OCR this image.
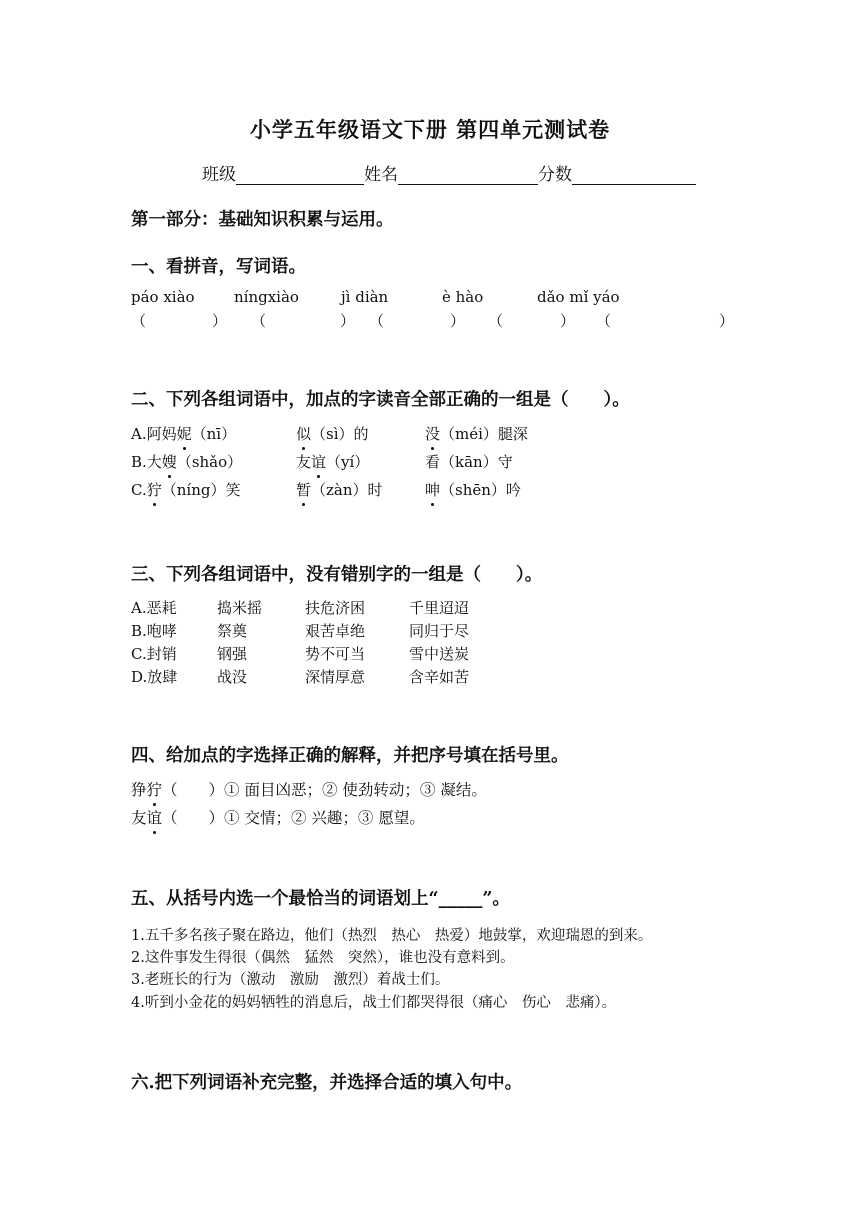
小学五年级语文下册 第四单元测试卷
班级	姓名	分数
第一部分：基础知识积累与运用。
一、看拼音，写词语。
páo xiào	níngxiào	jì diàn	è hào	dǎo mǐ yáo
（	） （	） （	） （	） （	）
二、下列各组词语中，加点的字读音全部正确的一组是（　　）。
A.阿妈妮（nī）	似（sì）的	没（méi）腿深
B.大嫂（shǎo）	友谊（yí）	看（kān）守
C.狞（níng）笑	暂（zàn）时	呻（shēn）吟
三、下列各组词语中，没有错别字的一组是（　　）。
A.恶耗	捣米摇	扶危济困	千里迢迢
B.咆哮	祭奠	艰苦卓绝	同归于尽
C.封销	钢强	势不可当	雪中送炭
D.放肆	战没	深情厚意	含辛如苦
四、给加点的字选择正确的解释，并把序号填在括号里。
狰狞（　　）① 面目凶恶；② 使劲转动；③ 凝结。
友谊（　　）① 交情；② 兴趣；③ 愿望。
五、从括号内选一个最恰当的词语划上“_____”。
1.五千多名孩子聚在路边，他们（热烈　热心　热爱）地鼓掌，欢迎瑞恩的到来。
2.这件事发生得很（偶然　猛然　突然），谁也没有意料到。
3.老班长的行为（激动　激励　激烈）着战士们。
4.听到小金花的妈妈牺牲的消息后，战士们都哭得很（痛心　伤心　悲痛）。
六.把下列词语补充完整，并选择合适的填入句中。
